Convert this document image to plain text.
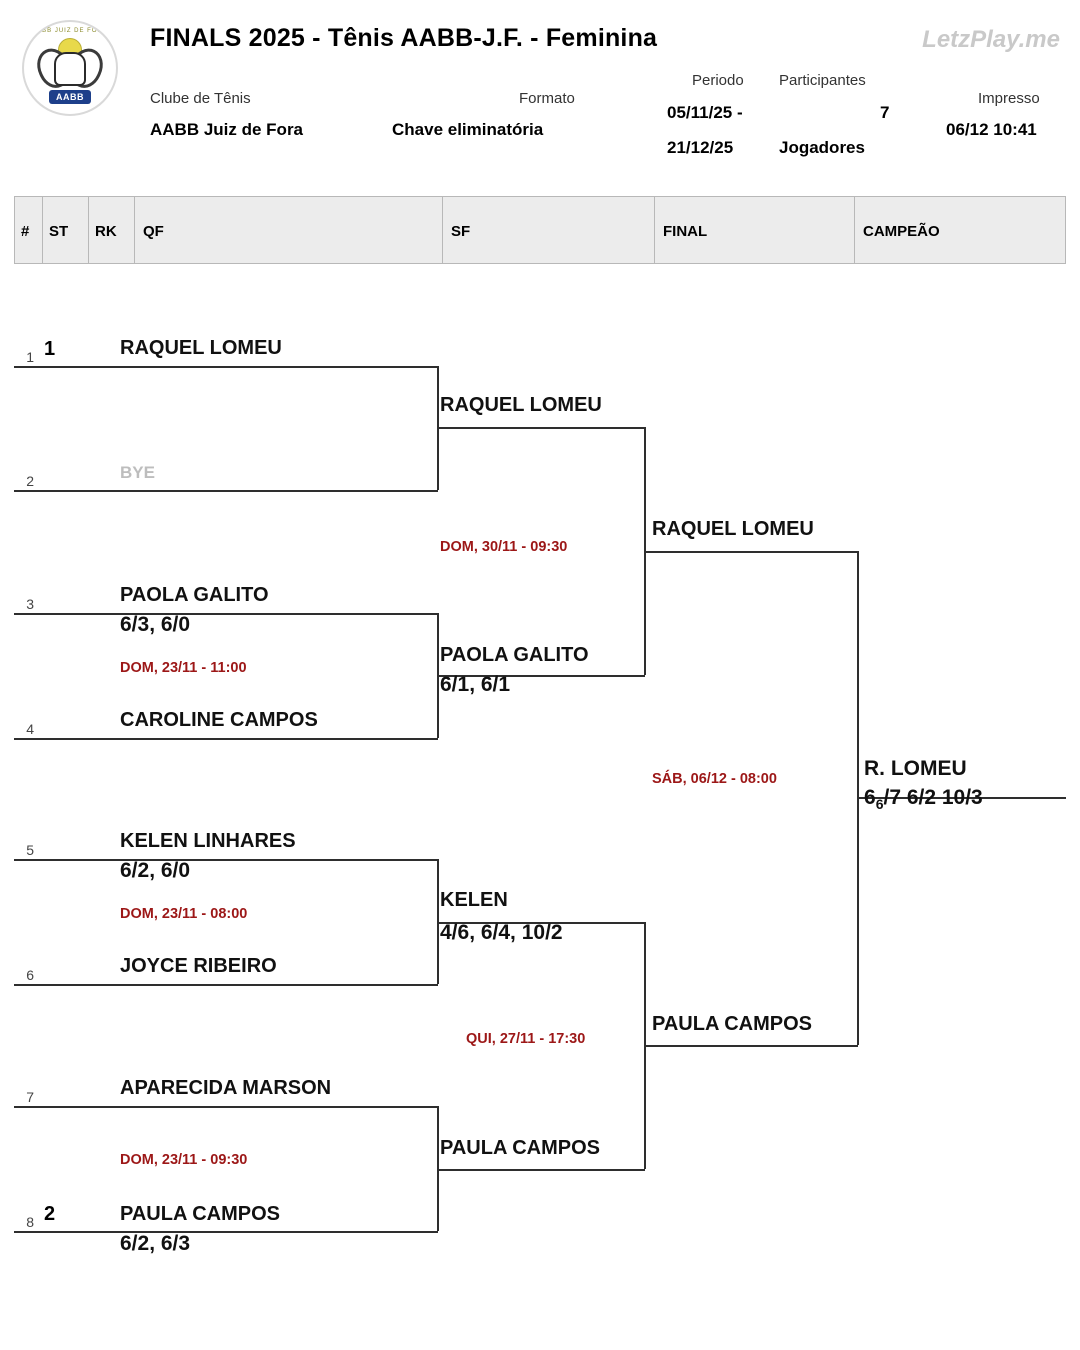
AABB JUIZ DE FORA
AABB
FINALS 2025 - Tênis AABB-J.F. - Feminina	LetzPlay.me
Clube de Tênis
AABB Juiz de Fora
Formato
Chave eliminatória
Periodo
05/11/25 -
21/12/25
Participantes
7
Jogadores
Impresso
06/12 10:41
# ST RK QF	SF	FINAL	CAMPEÃO
1 1	RAQUEL LOMEU
2	BYE
3	PAOLA GALITO
6/3, 6/0
4	CAROLINE CAMPOS
DOM, 23/11 - 11:00
5	KELEN LINHARES
6/2, 6/0
6	JOYCE RIBEIRO
DOM, 23/11 - 08:00
7	APARECIDA MARSON
8 2	PAULA CAMPOS
6/2, 6/3
DOM, 23/11 - 09:30
RAQUEL LOMEU
PAOLA GALITO
6/1, 6/1
DOM, 30/11 - 09:30
KELEN
4/6, 6/4, 10/2
PAULA CAMPOS
QUI, 27/11 - 17:30
RAQUEL LOMEU
PAULA CAMPOS
SÁB, 06/12 - 08:00	R. LOMEU
$6_6/7$ 6/2 10/3
